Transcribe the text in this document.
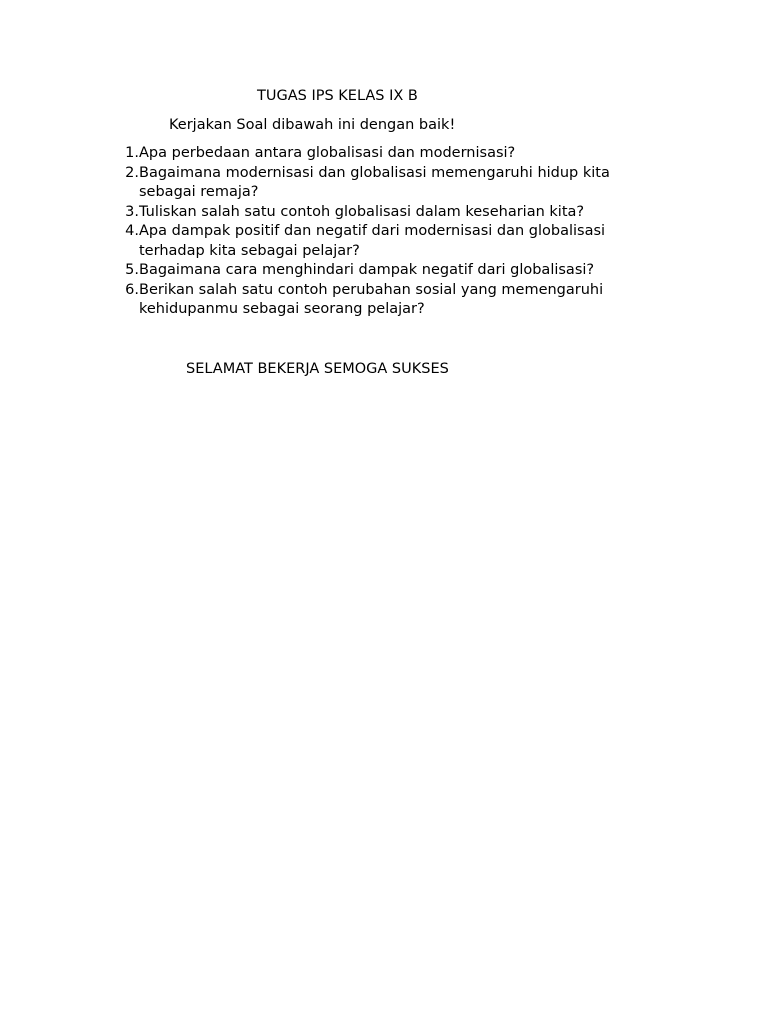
TUGAS IPS KELAS IX B
Kerjakan Soal dibawah ini dengan baik!
1. Apa perbedaan antara globalisasi dan modernisasi?
2. Bagaimana modernisasi dan globalisasi memengaruhi hidup kita
sebagai remaja?
3. Tuliskan salah satu contoh globalisasi dalam keseharian kita?
4. Apa dampak positif dan negatif dari modernisasi dan globalisasi
terhadap kita sebagai pelajar?
5. Bagaimana cara menghindari dampak negatif dari globalisasi?
6. Berikan salah satu contoh perubahan sosial yang memengaruhi
kehidupanmu sebagai seorang pelajar?
SELAMAT BEKERJA SEMOGA SUKSES
